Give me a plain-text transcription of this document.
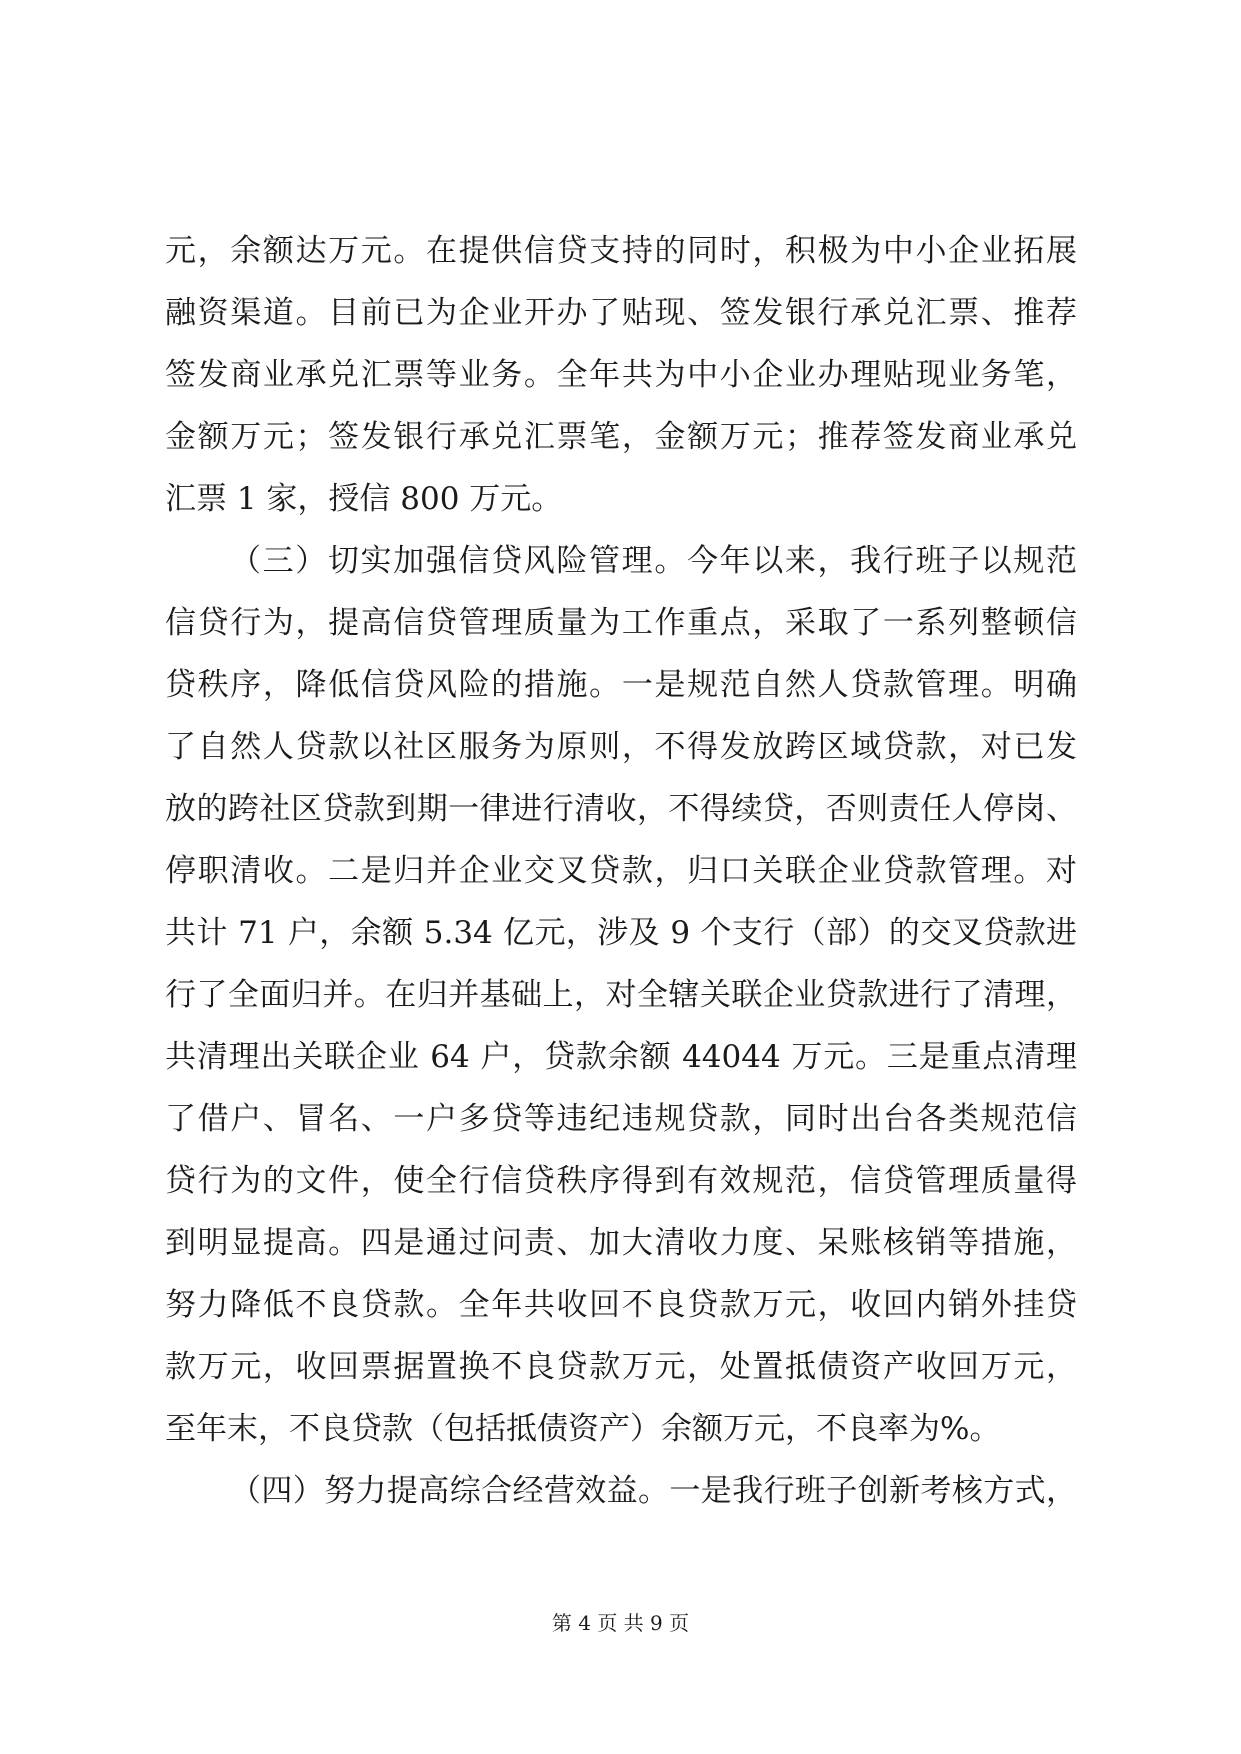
元，余额达万元。在提供信贷支持的同时，积极为中小企业拓展
融资渠道。目前已为企业开办了贴现、签发银行承兑汇票、推荐
签发商业承兑汇票等业务。全年共为中小企业办理贴现业务笔，
金额万元；签发银行承兑汇票笔，金额万元；推荐签发商业承兑
汇票 1 家，授信 800 万元。
（三）切实加强信贷风险管理。今年以来，我行班子以规范
信贷行为，提高信贷管理质量为工作重点，采取了一系列整顿信
贷秩序，降低信贷风险的措施。一是规范自然人贷款管理。明确
了自然人贷款以社区服务为原则，不得发放跨区域贷款，对已发
放的跨社区贷款到期一律进行清收，不得续贷，否则责任人停岗、
停职清收。二是归并企业交叉贷款，归口关联企业贷款管理。对
共计 71 户，余额 5.34 亿元，涉及 9 个支行（部）的交叉贷款进
行了全面归并。在归并基础上，对全辖关联企业贷款进行了清理，
共清理出关联企业 64 户，贷款余额 44044 万元。三是重点清理
了借户、冒名、一户多贷等违纪违规贷款，同时出台各类规范信
贷行为的文件，使全行信贷秩序得到有效规范，信贷管理质量得
到明显提高。四是通过问责、加大清收力度、呆账核销等措施，
努力降低不良贷款。全年共收回不良贷款万元，收回内销外挂贷
款万元，收回票据置换不良贷款万元，处置抵债资产收回万元，
至年末，不良贷款（包括抵债资产）余额万元，不良率为%。
（四）努力提高综合经营效益。一是我行班子创新考核方式，
第 4 页 共 9 页
